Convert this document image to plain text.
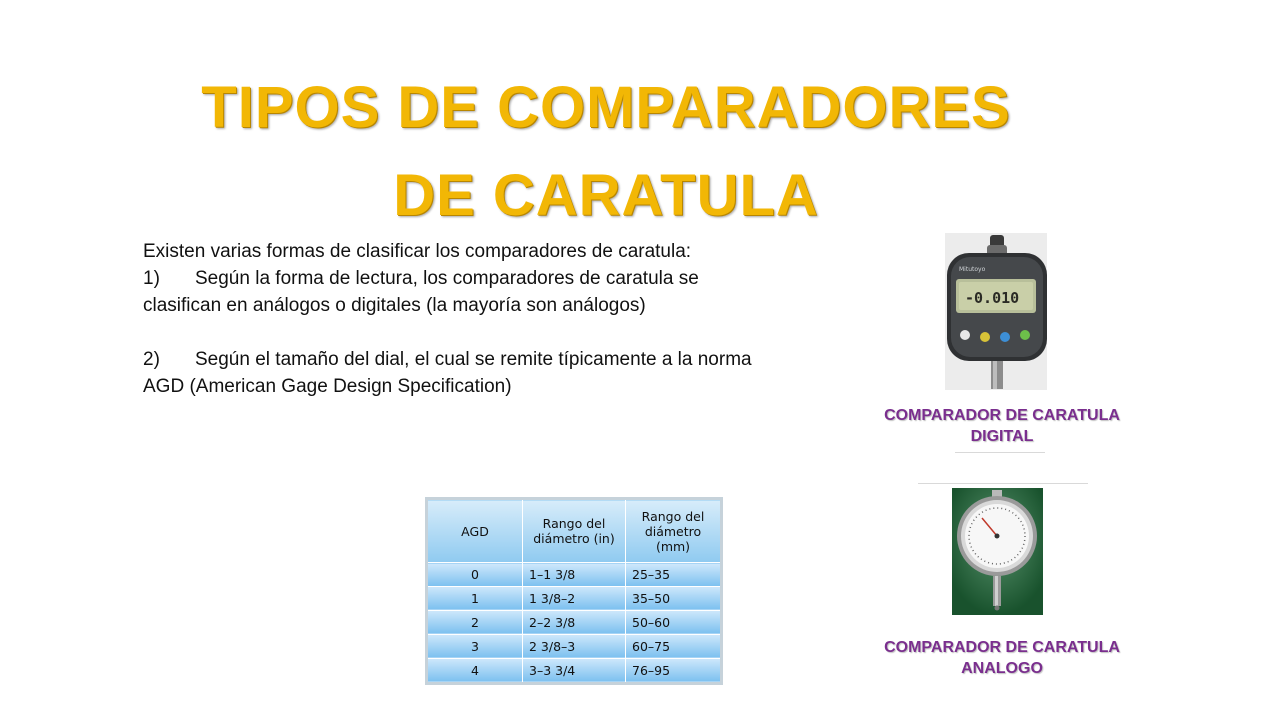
TIPOS DE COMPARADORES
DE CARATULA

Existen varias formas de clasificar los comparadores de caratula:

1) Según la forma de lectura, los comparadores de caratula se clasifican en análogos o digitales (la mayoría son análogos)

2) Según el tamaño del dial, el cual se remite típicamente a la norma AGD (American Gage Design Specification)

AGD	Rango del diámetro (in)	Rango del diámetro (mm)
0	1–1 3/8	25–35
1	1 3/8–2	35–50
2	2–2 3/8	50–60
3	2 3/8–3	60–75
4	3–3 3/4	76–95
Mitutoyo
-0.010
COMPARADOR DE CARATULA DIGITAL
COMPARADOR DE CARATULA ANALOGO
